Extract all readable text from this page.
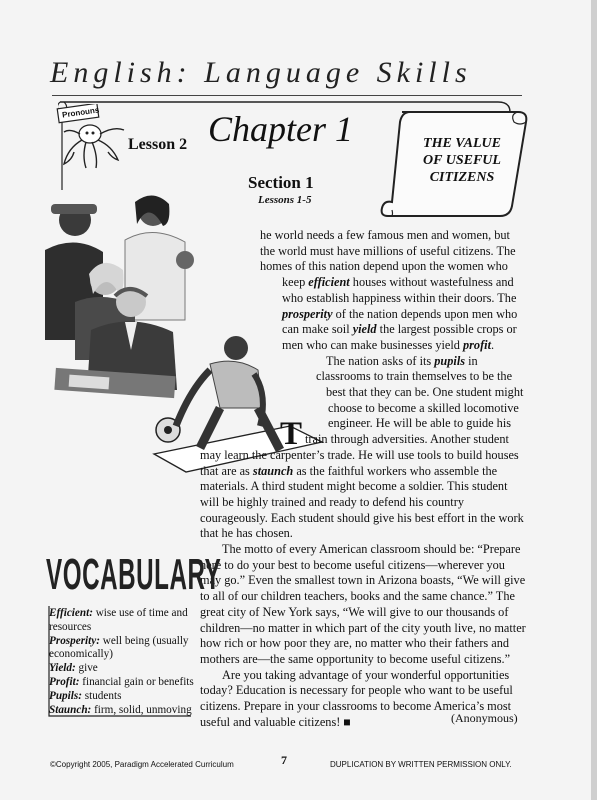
English: Language Skills
Pronouns
Lesson 2 Chapter 1
Section 1
Lessons 1-5
THE VALUE OF USEFUL CITIZENS

T
he world needs a few famous men and women, but the world must have millions of useful citizens. The homes of this nation depend upon the women who keep efficient houses without wastefulness and who establish happiness within their doors. The prosperity of the nation depends upon men who can make soil yield the largest possible crops or men who can make businesses yield profit.

The nation asks of its pupils in classrooms to train themselves to be the best that they can be. One student might choose to become a skilled locomotive engineer. He will be able to guide his train through adversities. Another student may learn the carpenter’s trade. He will use tools to build houses that are as staunch as the faithful workers who assemble the materials. A third student might become a soldier. This student will be highly trained and ready to defend his country courageously. Each student should give his best effort in the work that he has chosen.

The motto of every American classroom should be: “Prepare here to do your best to become useful citizens—wherever you may go.” Even the smallest town in Arizona boasts, “We will give to all of our children teachers, books and the same chance.” The great city of New York says, “We will give to our thousands of children—no matter in which part of the city youth live, no matter how rich or how poor they are, no matter who their fathers and mothers are—the same opportunity to become useful citizens.”

Are you taking advantage of your wonderful opportunities today? Education is necessary for people who want to be useful citizens. Prepare in your classrooms to become America’s most useful and valuable citizens! ■

VOCABULARY
Efficient: wise use of time and resources
Prosperity: well being (usually economically)
Yield: give
Profit: financial gain or benefits
Pupils: students
Staunch: firm, solid, unmoving
(Anonymous)
©Copyright 2005, Paradigm Accelerated Curriculum	7	DUPLICATION BY WRITTEN PERMISSION ONLY.
